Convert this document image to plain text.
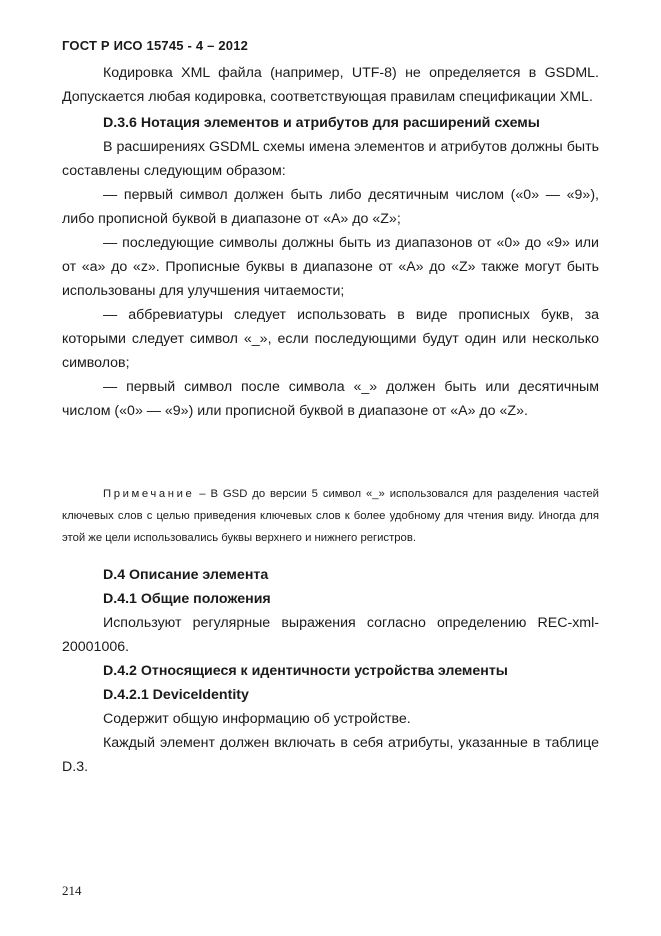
ГОСТ Р ИСО 15745 - 4 – 2012

Кодировка XML файла (например, UTF-8) не определяется в GSDML. Допускается любая кодировка, соответствующая правилам спецификации XML.

D.3.6 Нотация элементов и атрибутов для расширений схемы

В расширениях GSDML схемы имена элементов и атрибутов должны быть составлены следующим образом:

— первый символ должен быть либо десятичным числом («0» — «9»), либо прописной буквой в диапазоне от «A» до «Z»;

— последующие символы должны быть из диапазонов от «0» до «9» или от «a» до «z». Прописные буквы в диапазоне от «A» до «Z» также могут быть использованы для улучшения читаемости;

— аббревиатуры следует использовать в виде прописных букв, за которыми следует символ «_», если последующими будут один или несколько символов;

— первый символ после символа «_» должен быть или десятичным числом («0» — «9») или прописной буквой в диапазоне от «A» до «Z».

Примечание – В GSD до версии 5 символ «_» использовался для разделения частей ключевых слов с целью приведения ключевых слов к более удобному для чтения виду. Иногда для этой же цели использовались буквы верхнего и нижнего регистров.

D.4 Описание элемента

D.4.1 Общие положения

Используют регулярные выражения согласно определению REC-xml-20001006.

D.4.2 Относящиеся к идентичности устройства элементы

D.4.2.1 DeviceIdentity

Содержит общую информацию об устройстве.

Каждый элемент должен включать в себя атрибуты, указанные в таблице D.3.

214
